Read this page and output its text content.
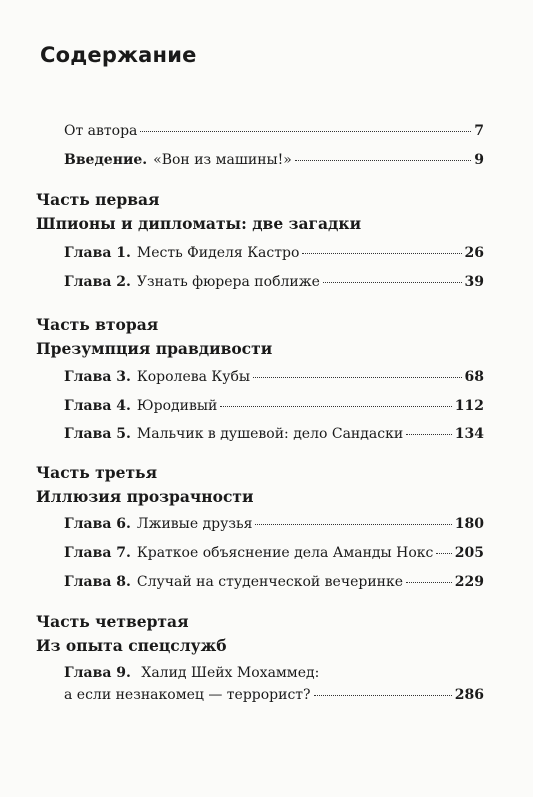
Содержание
От автора	7
Введение. «Вон из машины!»	9
Часть первая
Шпионы и дипломаты: две загадки
Глава 1. Месть Фиделя Кастро	26
Глава 2. Узнать фюрера поближе	39
Часть вторая
Презумпция правдивости
Глава 3. Королева Кубы	68
Глава 4. Юродивый	112
Глава 5. Мальчик в душевой: дело Сандаски	134
Часть третья
Иллюзия прозрачности
Глава 6. Лживые друзья	180
Глава 7. Краткое объяснение дела Аманды Нокс 205
Глава 8. Случай на студенческой вечеринке	229
Часть четвертая
Из опыта спецслужб
Глава 9. Халид Шейх Мохаммед:
а если незнакомец — террорист?	286
